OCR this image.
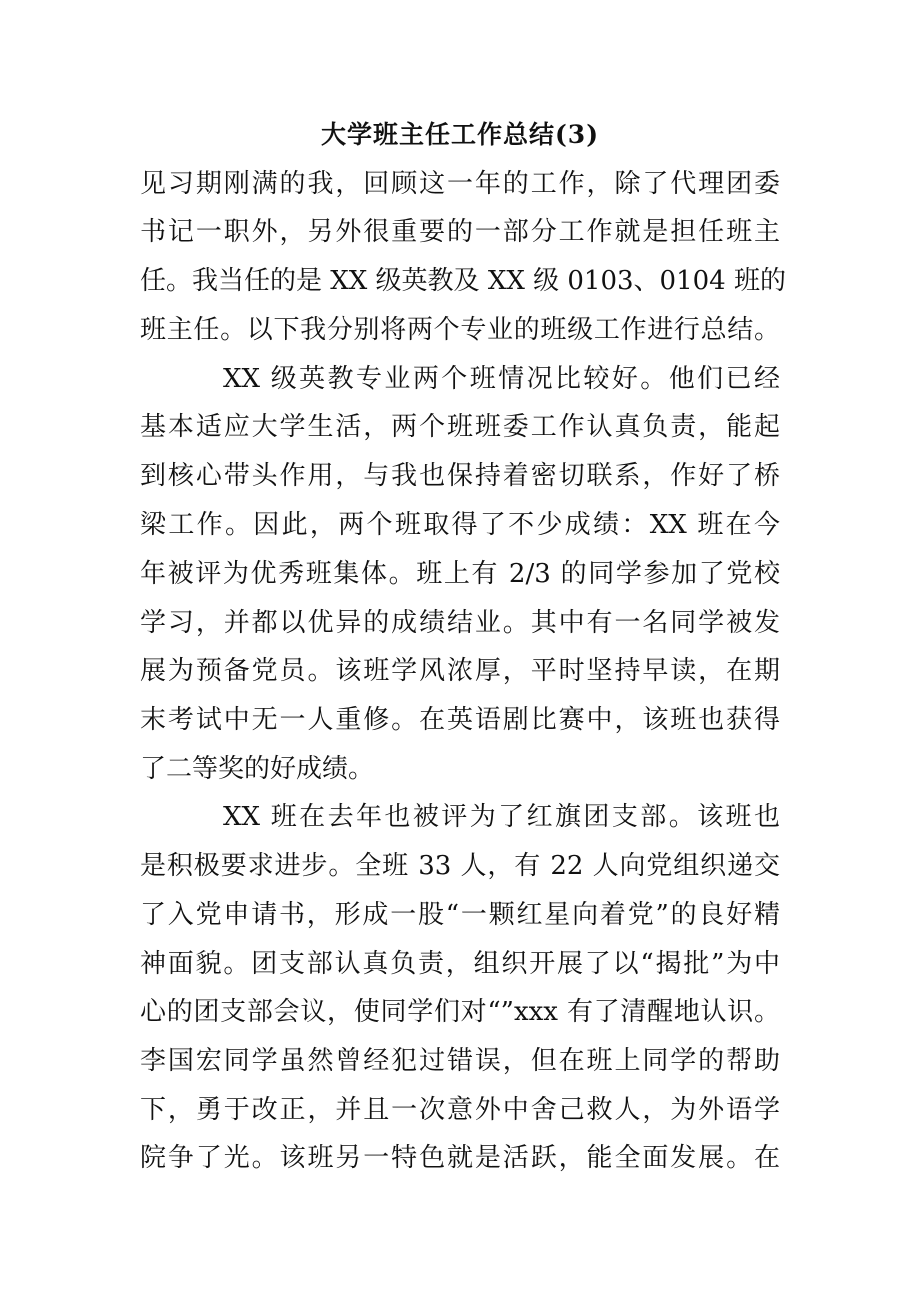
大学班主任工作总结(3)
见习期刚满的我，回顾这一年的工作，除了代理团委
书记一职外，另外很重要的一部分工作就是担任班主
任。我当任的是 XX 级英教及 XX 级 0103、0104 班的
班主任。以下我分别将两个专业的班级工作进行总结。
XX 级英教专业两个班情况比较好。他们已经
基本适应大学生活，两个班班委工作认真负责，能起
到核心带头作用，与我也保持着密切联系，作好了桥
梁工作。因此，两个班取得了不少成绩：XX 班在今
年被评为优秀班集体。班上有 2/3 的同学参加了党校
学习，并都以优异的成绩结业。其中有一名同学被发
展为预备党员。该班学风浓厚，平时坚持早读，在期
末考试中无一人重修。在英语剧比赛中，该班也获得
了二等奖的好成绩。
XX 班在去年也被评为了红旗团支部。该班也
是积极要求进步。全班 33 人，有 22 人向党组织递交
了入党申请书，形成一股“一颗红星向着党”的良好精
神面貌。团支部认真负责，组织开展了以“揭批”为中
心的团支部会议，使同学们对“”xxx 有了清醒地认识。
李国宏同学虽然曾经犯过错误，但在班上同学的帮助
下，勇于改正，并且一次意外中舍己救人，为外语学
院争了光。该班另一特色就是活跃，能全面发展。在
